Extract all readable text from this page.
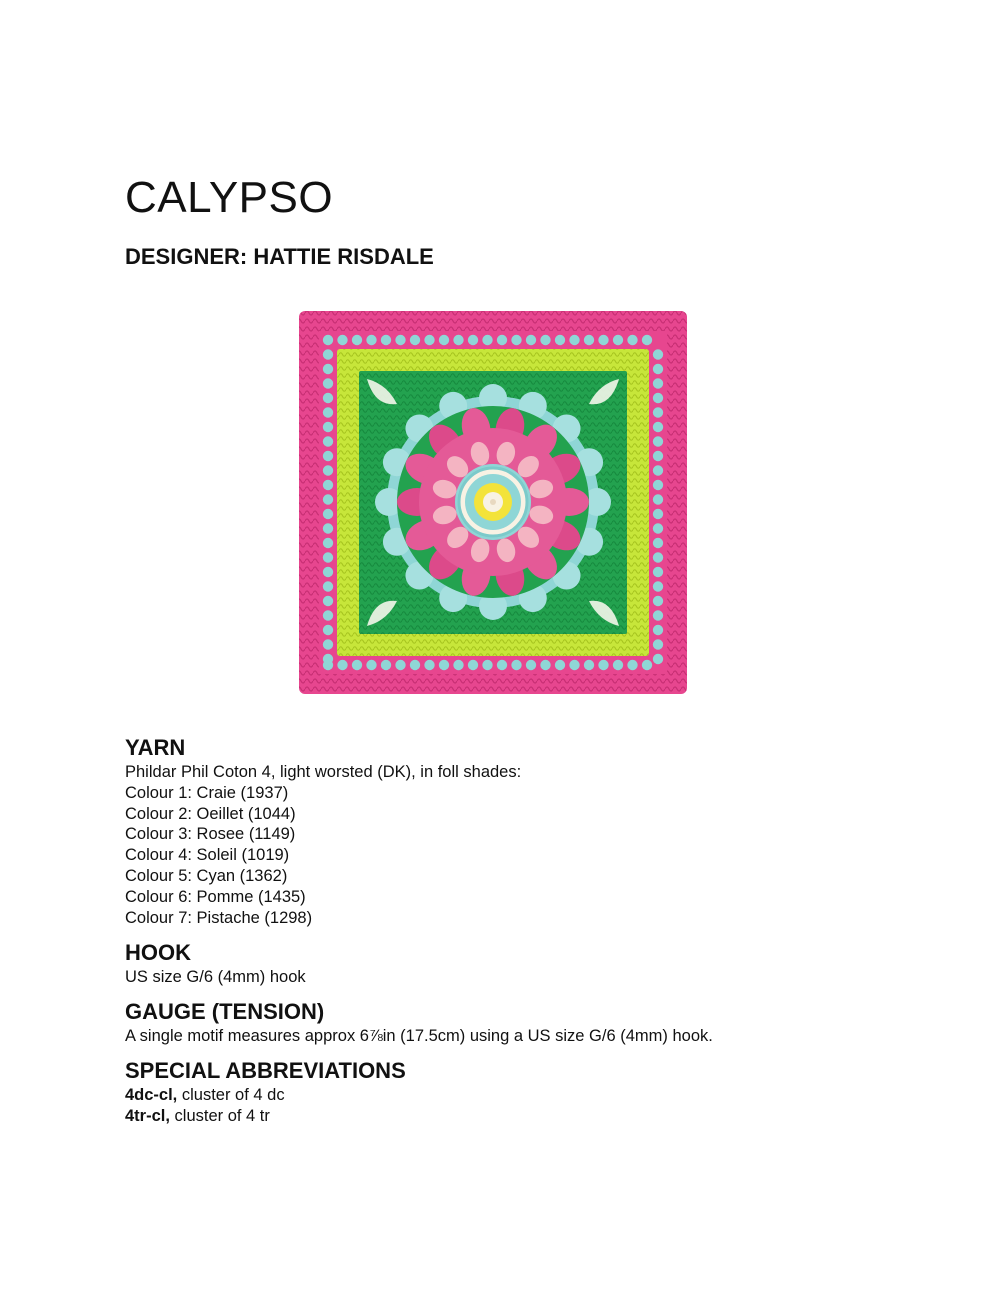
CALYPSO
DESIGNER: HATTIE RISDALE
YARN
Phildar Phil Coton 4, light worsted (DK), in foll shades:
Colour 1: Craie (1937)
Colour 2: Oeillet (1044)
Colour 3: Rosee (1149)
Colour 4: Soleil (1019)
Colour 5: Cyan (1362)
Colour 6: Pomme (1435)
Colour 7: Pistache (1298)
HOOK
US size G/6 (4mm) hook
GAUGE (TENSION)
A single motif measures approx 6⅞in (17.5cm) using a US size G/6 (4mm) hook.
SPECIAL ABBREVIATIONS
4dc-cl, cluster of 4 dc
4tr-cl, cluster of 4 tr
